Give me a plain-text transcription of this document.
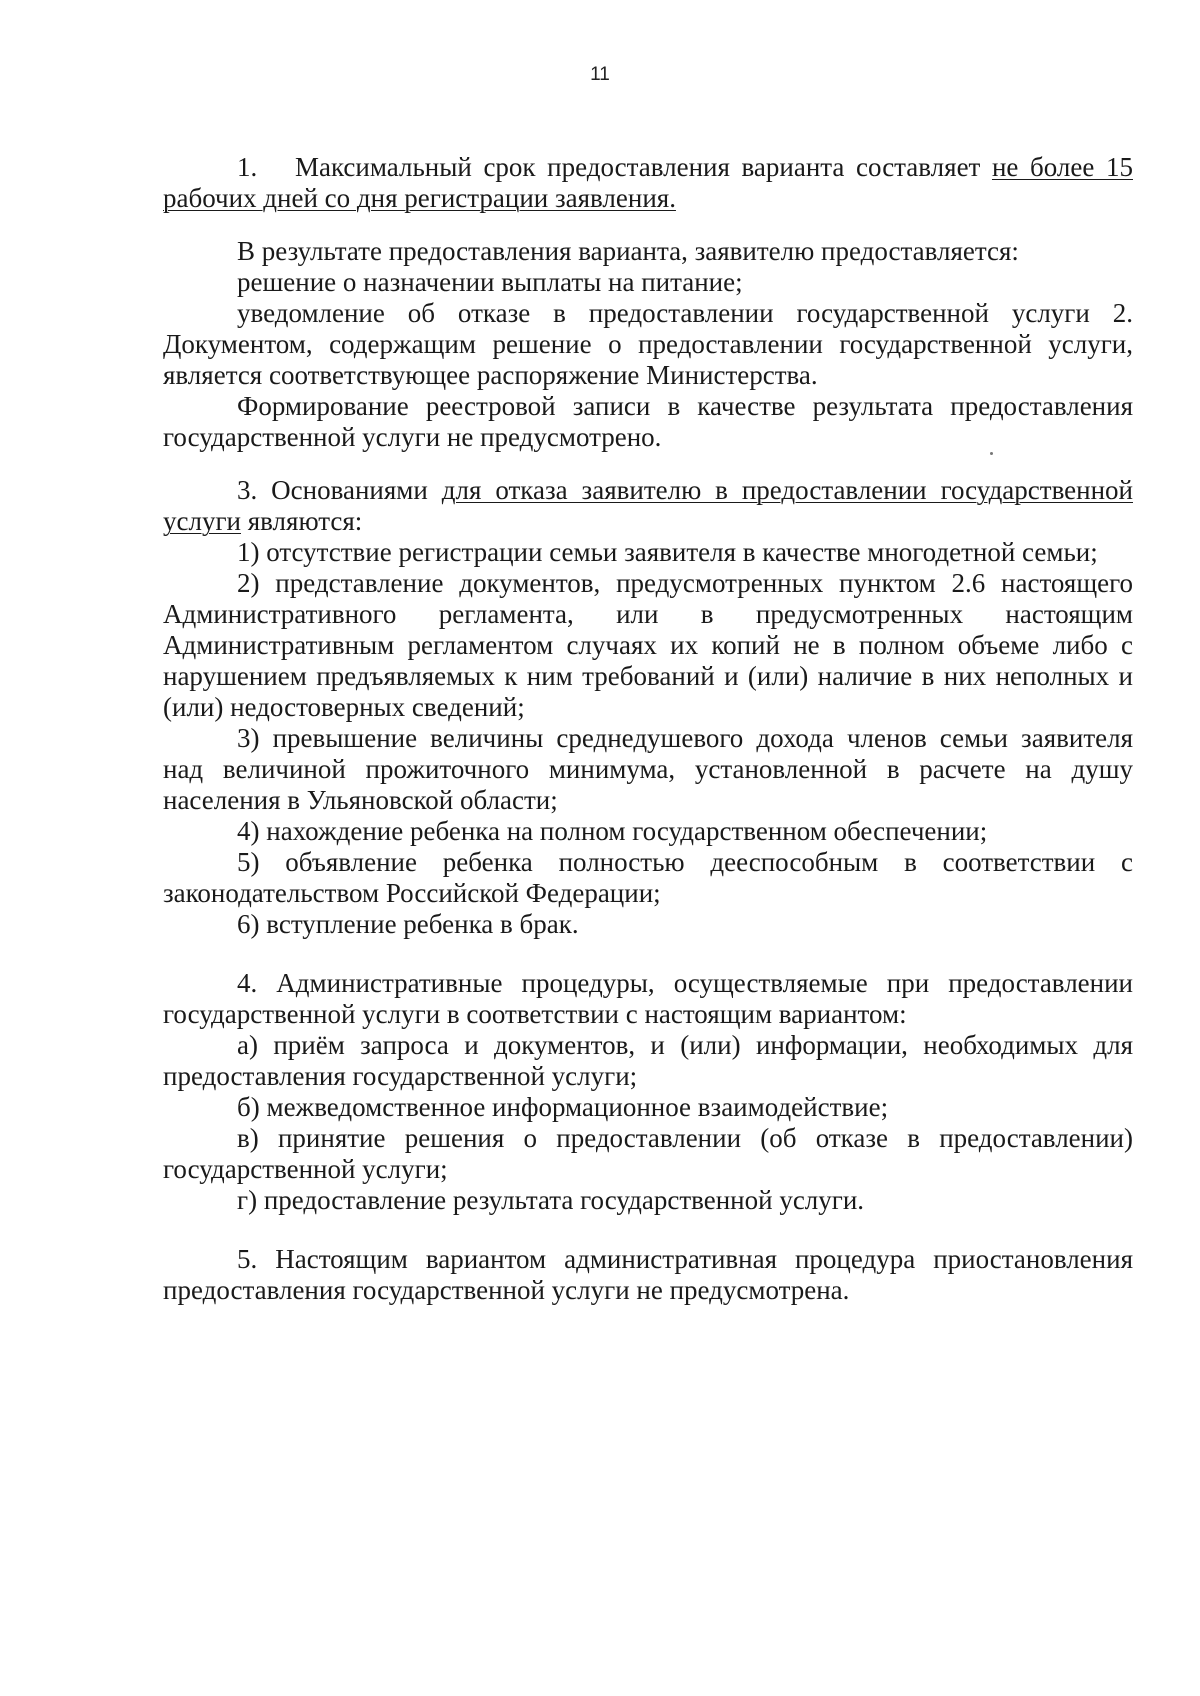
11

1. Максимальный срок предоставления варианта составляет не более 15 рабочих дней со дня регистрации заявления.

В результате предоставления варианта, заявителю предоставляется:

решение о назначении выплаты на питание;

уведомление об отказе в предоставлении государственной услуги 2. Документом, содержащим решение о предоставлении государственной услуги, является соответствующее распоряжение Министерства.

Формирование реестровой записи в качестве результата предоставления государственной услуги не предусмотрено.

3. Основаниями для отказа заявителю в предоставлении государственной услуги являются:

1) отсутствие регистрации семьи заявителя в качестве многодетной семьи;

2) представление документов, предусмотренных пунктом 2.6 настоящего Административного регламента, или в предусмотренных настоящим Административным регламентом случаях их копий не в полном объеме либо с нарушением предъявляемых к ним требований и (или) наличие в них неполных и (или) недостоверных сведений;

3) превышение величины среднедушевого дохода членов семьи заявителя над величиной прожиточного минимума, установленной в расчете на душу населения в Ульяновской области;

4) нахождение ребенка на полном государственном обеспечении;

5) объявление ребенка полностью дееспособным в соответствии с законодательством Российской Федерации;

6) вступление ребенка в брак.

4. Административные процедуры, осуществляемые при предоставлении государственной услуги в соответствии с настоящим вариантом:

а) приём запроса и документов, и (или) информации, необходимых для предоставления государственной услуги;

б) межведомственное информационное взаимодействие;

в) принятие решения о предоставлении (об отказе в предоставлении) государственной услуги;

г) предоставление результата государственной услуги.

5. Настоящим вариантом административная процедура приостановления предоставления государственной услуги не предусмотрена.
